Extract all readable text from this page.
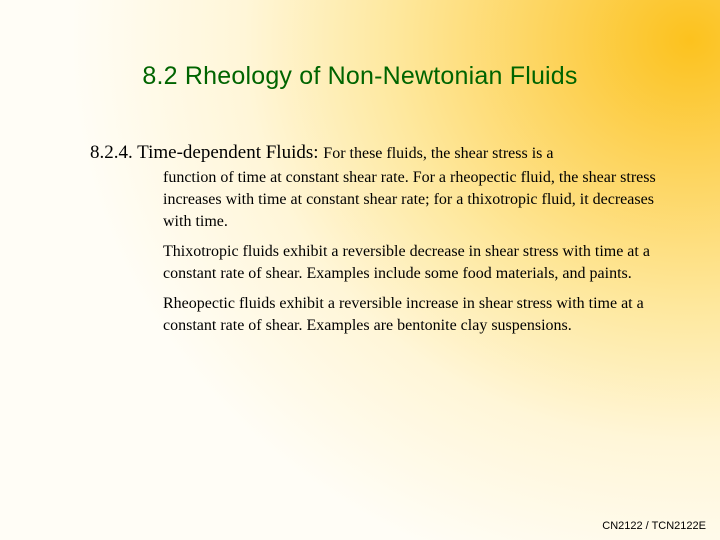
8.2 Rheology of Non-Newtonian Fluids
8.2.4. Time-dependent Fluids: For these fluids, the shear stress is a
function of time at constant shear rate. For a rheopectic fluid, the shear stress increases with time at constant shear rate; for a thixotropic fluid, it decreases with time.
Thixotropic fluids exhibit a reversible decrease in shear stress with time at a constant rate of shear. Examples include some food materials, and paints.
Rheopectic fluids exhibit a reversible increase in shear stress with time at a constant rate of shear. Examples are bentonite clay suspensions.
CN2122 / TCN2122E
